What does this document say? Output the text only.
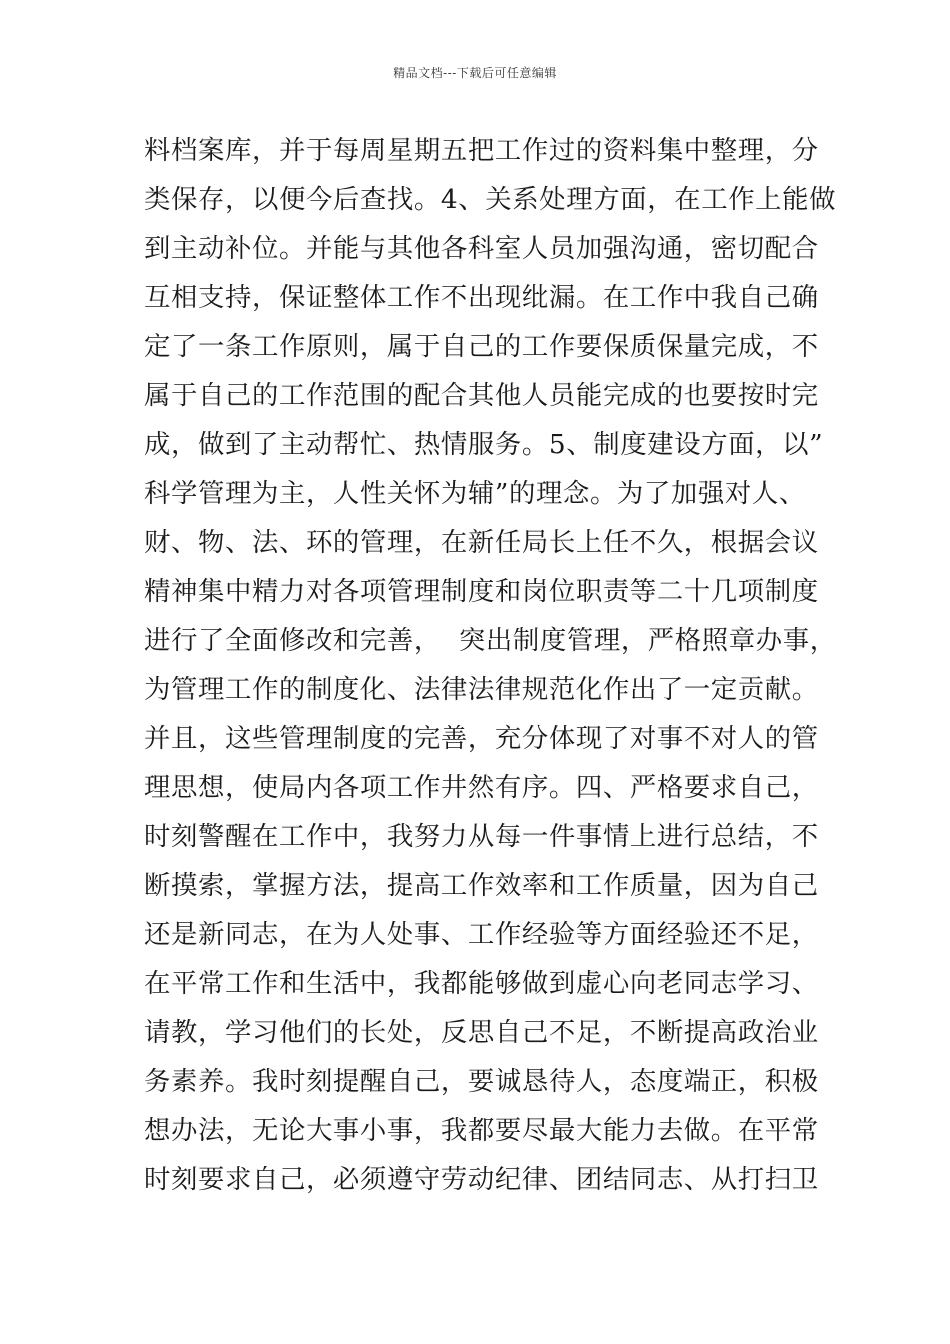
精品文档---下载后可任意编辑
料档案库，并于每周星期五把工作过的资料集中整理，分
类保存，以便今后查找。4、关系处理方面，在工作上能做
到主动补位。并能与其他各科室人员加强沟通，密切配合
互相支持，保证整体工作不出现纰漏。在工作中我自己确
定了一条工作原则，属于自己的工作要保质保量完成，不
属于自己的工作范围的配合其他人员能完成的也要按时完
成，做到了主动帮忙、热情服务。5、制度建设方面，以”
科学管理为主，人性关怀为辅”的理念。为了加强对人、
财、物、法、环的管理，在新任局长上任不久，根据会议
精神集中精力对各项管理制度和岗位职责等二十几项制度
进行了全面修改和完善，  突出制度管理，严格照章办事，
为管理工作的制度化、法律法律规范化作出了一定贡献。
并且，这些管理制度的完善，充分体现了对事不对人的管
理思想，使局内各项工作井然有序。四、严格要求自己，
时刻警醒在工作中，我努力从每一件事情上进行总结，不
断摸索，掌握方法，提高工作效率和工作质量，因为自己
还是新同志，在为人处事、工作经验等方面经验还不足，
在平常工作和生活中，我都能够做到虚心向老同志学习、
请教，学习他们的长处，反思自己不足，不断提高政治业
务素养。我时刻提醒自己，要诚恳待人，态度端正，积极
想办法，无论大事小事，我都要尽最大能力去做。在平常
时刻要求自己，必须遵守劳动纪律、团结同志、从打扫卫
